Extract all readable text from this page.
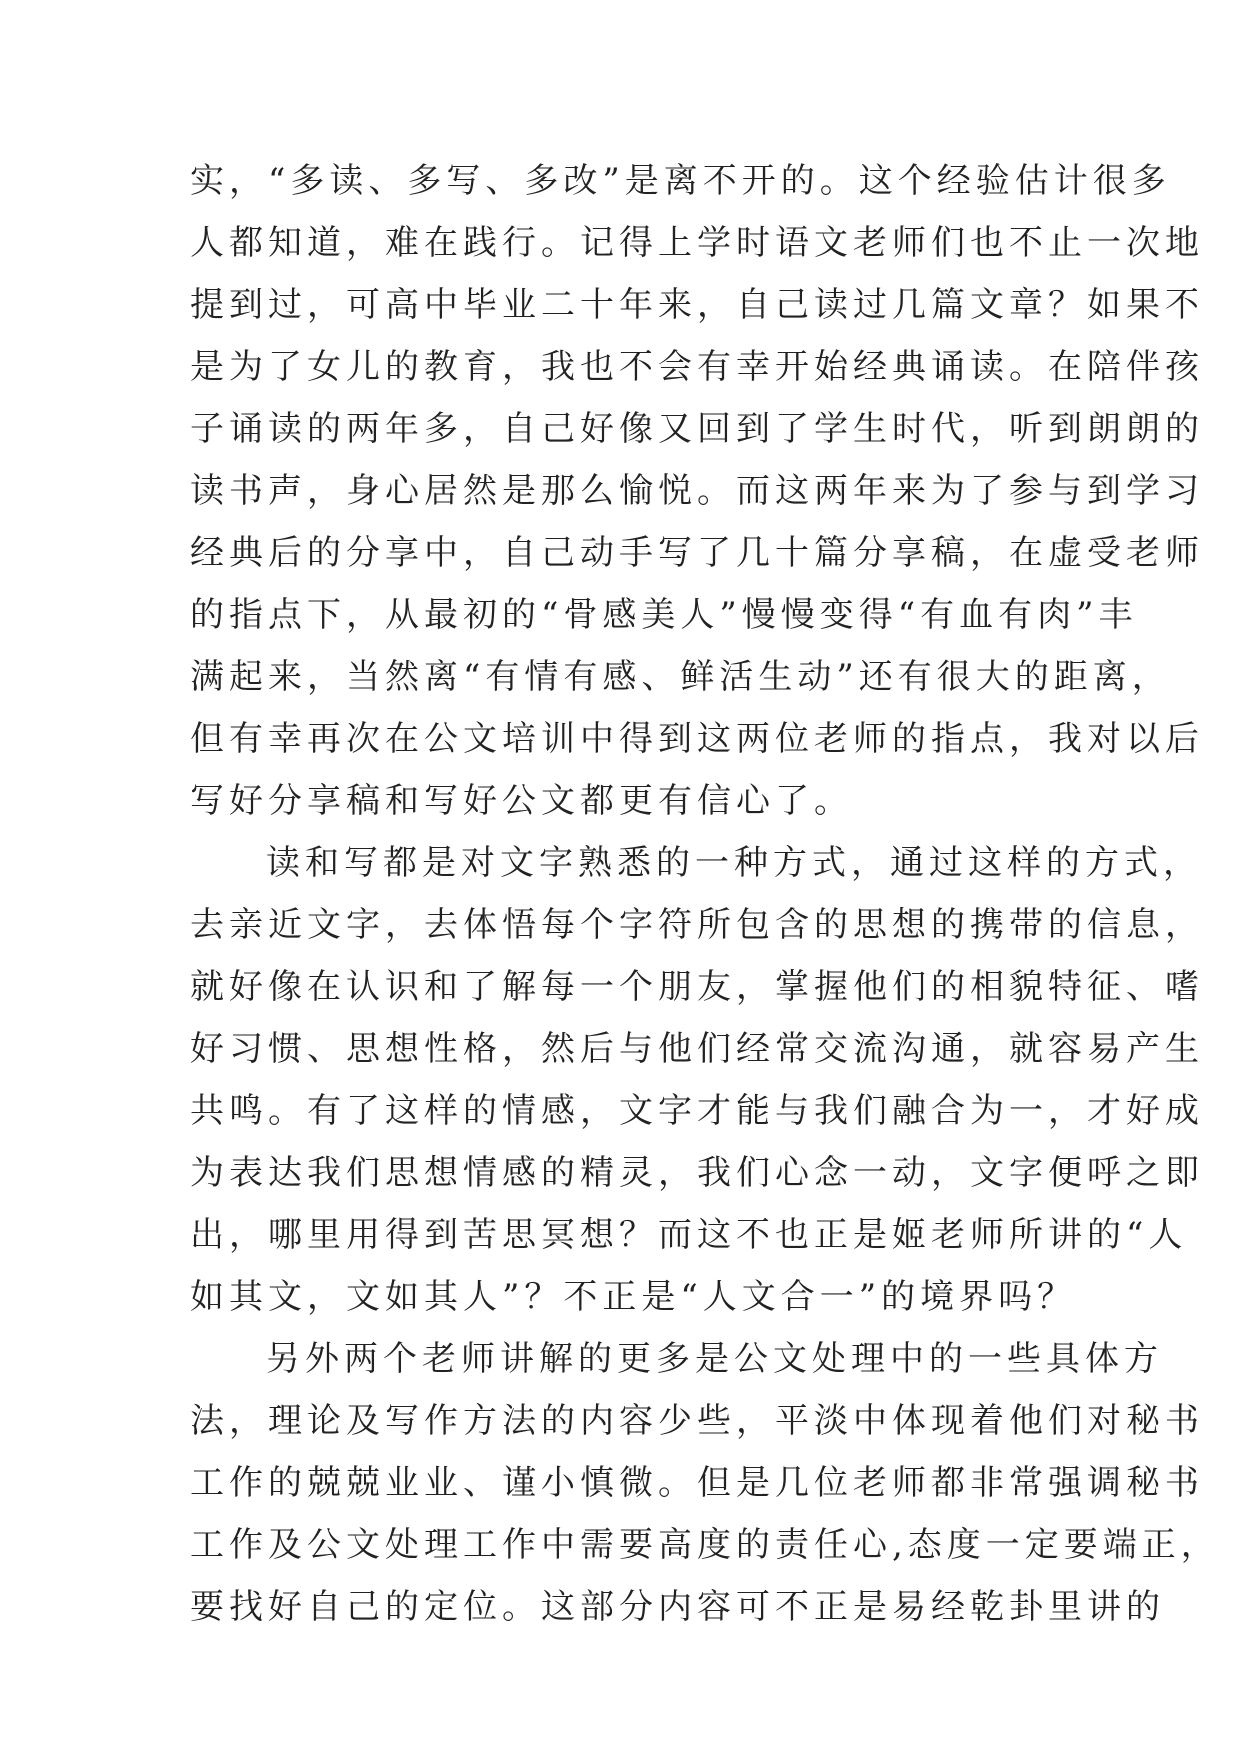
实，“多读、多写、多改”是离不开的。这个经验估计很多
人都知道，难在践行。记得上学时语文老师们也不止一次地
提到过，可高中毕业二十年来，自己读过几篇文章？如果不
是为了女儿的教育，我也不会有幸开始经典诵读。在陪伴孩
子诵读的两年多，自己好像又回到了学生时代，听到朗朗的
读书声，身心居然是那么愉悦。而这两年来为了参与到学习
经典后的分享中，自己动手写了几十篇分享稿，在虚受老师
的指点下，从最初的“骨感美人”慢慢变得“有血有肉”丰
满起来，当然离“有情有感、鲜活生动”还有很大的距离，
但有幸再次在公文培训中得到这两位老师的指点，我对以后
写好分享稿和写好公文都更有信心了。
读和写都是对文字熟悉的一种方式，通过这样的方式，
去亲近文字，去体悟每个字符所包含的思想的携带的信息，
就好像在认识和了解每一个朋友，掌握他们的相貌特征、嗜
好习惯、思想性格，然后与他们经常交流沟通，就容易产生
共鸣。有了这样的情感，文字才能与我们融合为一，才好成
为表达我们思想情感的精灵，我们心念一动，文字便呼之即
出，哪里用得到苦思冥想？而这不也正是姬老师所讲的“人
如其文，文如其人”？不正是“人文合一”的境界吗？
另外两个老师讲解的更多是公文处理中的一些具体方
法，理论及写作方法的内容少些，平淡中体现着他们对秘书
工作的兢兢业业、谨小慎微。但是几位老师都非常强调秘书
工作及公文处理工作中需要高度的责任心,态度一定要端正，
要找好自己的定位。这部分内容可不正是易经乾卦里讲的
